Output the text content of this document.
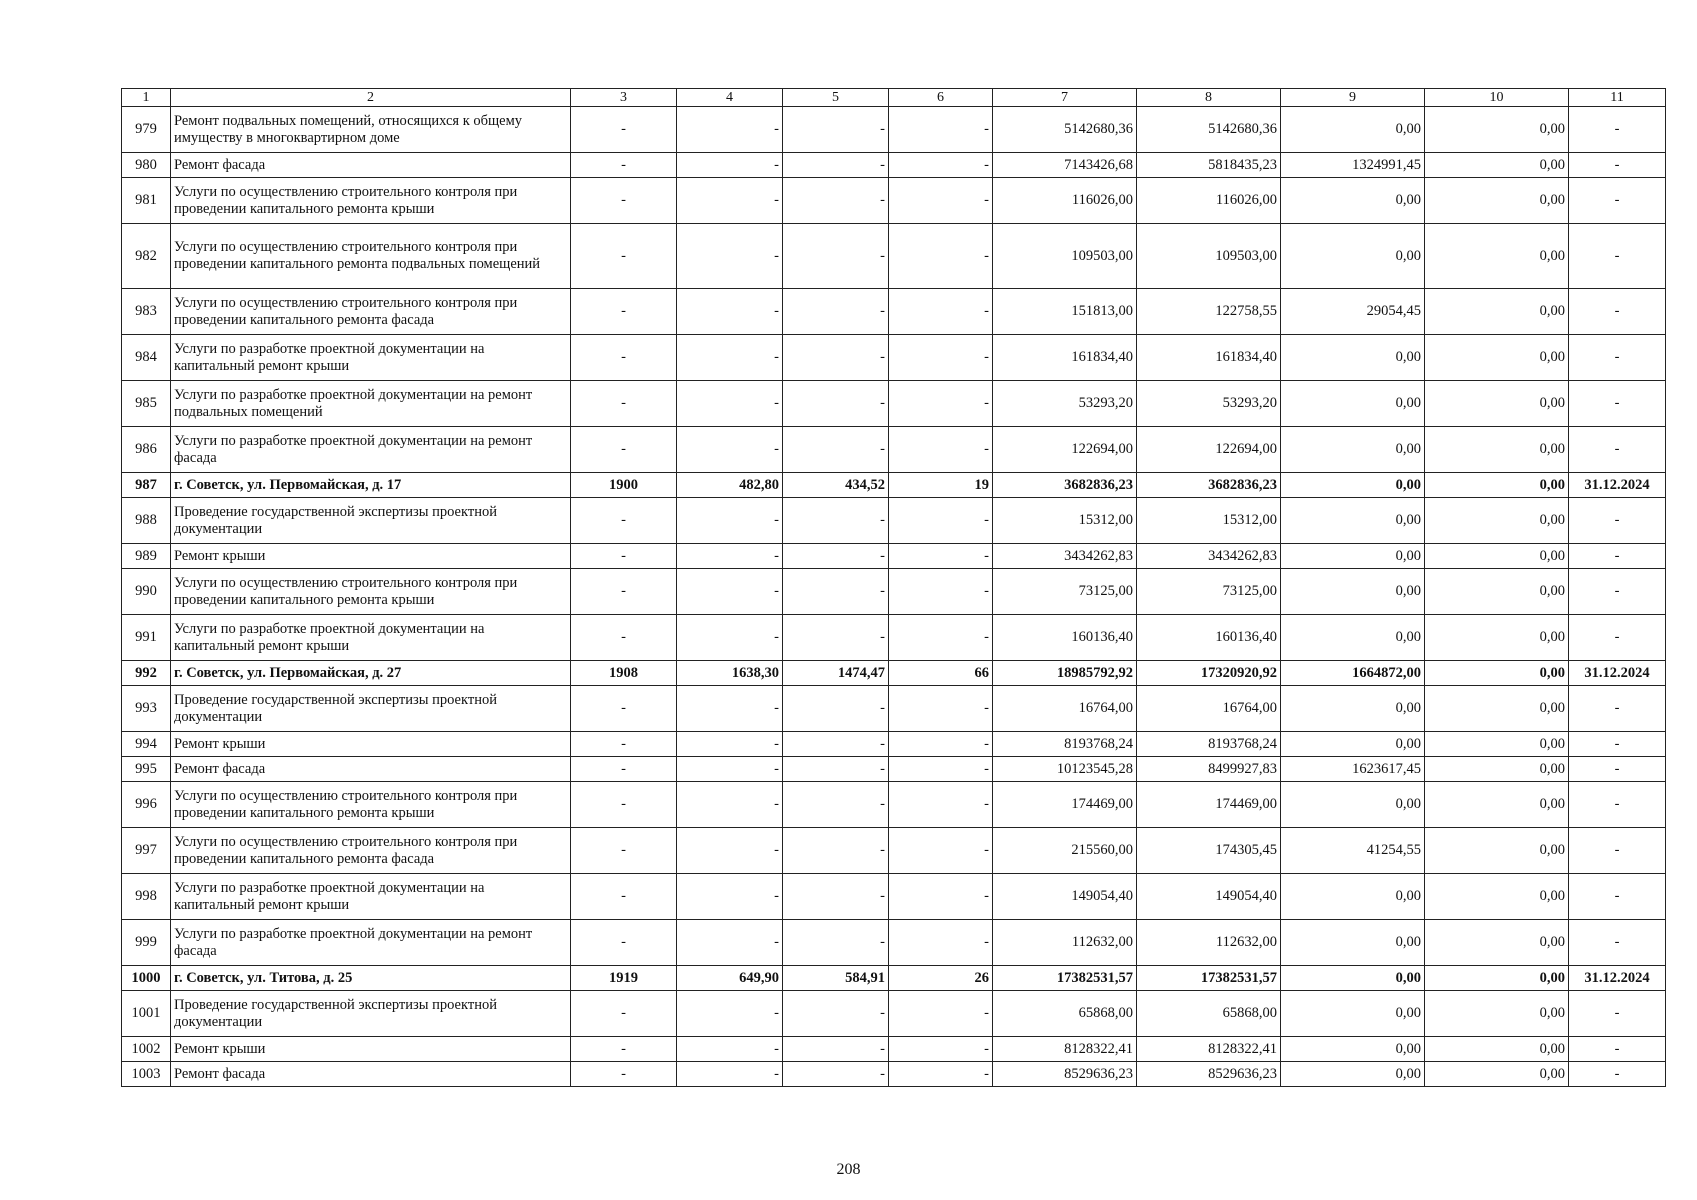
1	2	3	4	5	6	7	8	9	10	11
979	Ремонт подвальных помещений, относящихся к общему имуществу в многоквартирном доме	-	-	-	-	5142680,36	5142680,36	0,00	0,00	-
980	Ремонт фасада	-	-	-	-	7143426,68	5818435,23	1324991,45	0,00	-
981	Услуги по осуществлению строительного контроля при проведении капитального ремонта крыши	-	-	-	-	116026,00	116026,00	0,00	0,00	-
982	Услуги по осуществлению строительного контроля при проведении капитального ремонта подвальных помещений	-	-	-	-	109503,00	109503,00	0,00	0,00	-
983	Услуги по осуществлению строительного контроля при проведении капитального ремонта фасада	-	-	-	-	151813,00	122758,55	29054,45	0,00	-
984	Услуги по разработке проектной документации на капитальный ремонт крыши	-	-	-	-	161834,40	161834,40	0,00	0,00	-
985	Услуги по разработке проектной документации на ремонт подвальных помещений	-	-	-	-	53293,20	53293,20	0,00	0,00	-
986	Услуги по разработке проектной документации на ремонт фасада	-	-	-	-	122694,00	122694,00	0,00	0,00	-
987	г. Советск, ул. Первомайская, д. 17	1900	482,80	434,52	19	3682836,23	3682836,23	0,00	0,00	31.12.2024
988	Проведение государственной экспертизы проектной документации	-	-	-	-	15312,00	15312,00	0,00	0,00	-
989	Ремонт крыши	-	-	-	-	3434262,83	3434262,83	0,00	0,00	-
990	Услуги по осуществлению строительного контроля при проведении капитального ремонта крыши	-	-	-	-	73125,00	73125,00	0,00	0,00	-
991	Услуги по разработке проектной документации на капитальный ремонт крыши	-	-	-	-	160136,40	160136,40	0,00	0,00	-
992	г. Советск, ул. Первомайская, д. 27	1908	1638,30	1474,47	66	18985792,92	17320920,92	1664872,00	0,00	31.12.2024
993	Проведение государственной экспертизы проектной документации	-	-	-	-	16764,00	16764,00	0,00	0,00	-
994	Ремонт крыши	-	-	-	-	8193768,24	8193768,24	0,00	0,00	-
995	Ремонт фасада	-	-	-	-	10123545,28	8499927,83	1623617,45	0,00	-
996	Услуги по осуществлению строительного контроля при проведении капитального ремонта крыши	-	-	-	-	174469,00	174469,00	0,00	0,00	-
997	Услуги по осуществлению строительного контроля при проведении капитального ремонта фасада	-	-	-	-	215560,00	174305,45	41254,55	0,00	-
998	Услуги по разработке проектной документации на капитальный ремонт крыши	-	-	-	-	149054,40	149054,40	0,00	0,00	-
999	Услуги по разработке проектной документации на ремонт фасада	-	-	-	-	112632,00	112632,00	0,00	0,00	-
1000	г. Советск, ул. Титова, д. 25	1919	649,90	584,91	26	17382531,57	17382531,57	0,00	0,00	31.12.2024
1001	Проведение государственной экспертизы проектной документации	-	-	-	-	65868,00	65868,00	0,00	0,00	-
1002	Ремонт крыши	-	-	-	-	8128322,41	8128322,41	0,00	0,00	-
1003	Ремонт фасада	-	-	-	-	8529636,23	8529636,23	0,00	0,00	-
208
